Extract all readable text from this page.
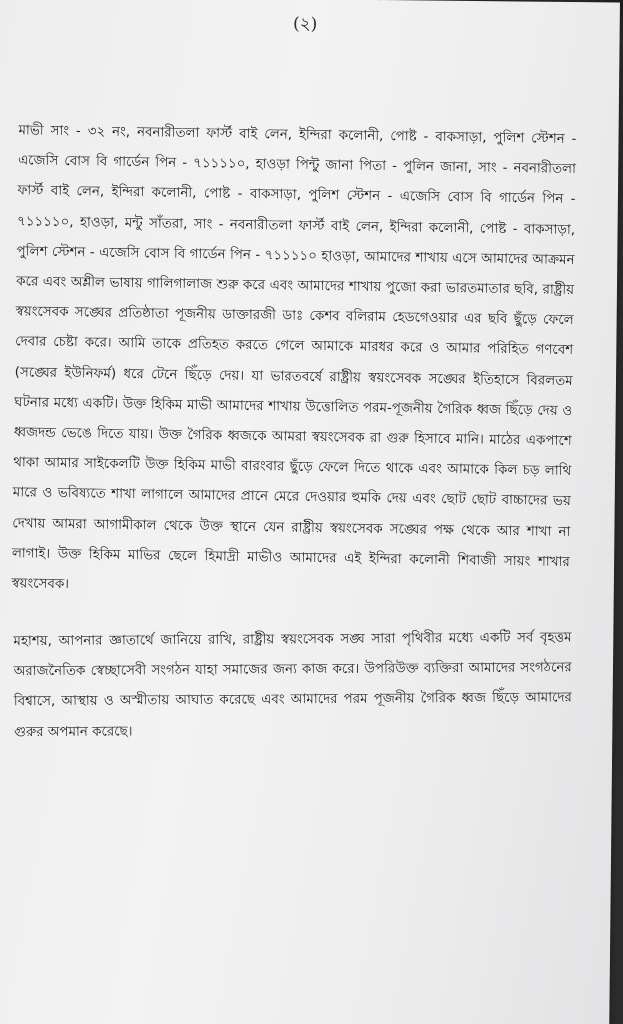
(২)

মাভী সাং - ৩২ নং, নবনারীতলা ফার্স্ট বাই লেন, ইন্দিরা কলোনী, পোষ্ট - বাকসাড়া, পুলিশ স্টেশন - এজেসি বোস বি গার্ডেন পিন - ৭১১১১০, হাওড়া পিন্টু জানা পিতা - পুলিন জানা, সাং - নবনারীতলা ফার্স্ট বাই লেন, ইন্দিরা কলোনী, পোষ্ট - বাকসাড়া, পুলিশ স্টেশন - এজেসি বোস বি গার্ডেন পিন - ৭১১১১০, হাওড়া, মন্টু সাঁতরা, সাং - নবনারীতলা ফার্স্ট বাই লেন, ইন্দিরা কলোনী, পোষ্ট - বাকসাড়া, পুলিশ স্টেশন - এজেসি বোস বি গার্ডেন পিন - ৭১১১১০ হাওড়া, আমাদের শাখায় এসে আমাদের আক্রমন করে এবং অশ্লীল ভাষায় গালিগালাজ শুরু করে এবং আমাদের শাখায় পুজো করা ভারতমাতার ছবি, রাষ্ট্রীয় স্বয়ংসেবক সঙ্ঘের প্রতিষ্ঠাতা পূজনীয় ডাক্তারজী ডাঃ কেশব বলিরাম হেডগেওয়ার এর ছবি ছুঁড়ে ফেলে দেবার চেষ্টা করে। আমি তাকে প্রতিহত করতে গেলে আমাকে মারধর করে ও আমার পরিহিত গণবেশ (সঙ্ঘের ইউনিফর্ম) ধরে টেনে ছিঁড়ে দেয়। যা ভারতবর্ষে রাষ্ট্রীয় স্বয়ংসেবক সঙ্ঘের ইতিহাসে বিরলতম ঘটনার মধ্যে একটি। উক্ত হিকিম মাভী আমাদের শাখায় উত্তোলিত পরম-পূজনীয় গৈরিক ধ্বজ ছিঁড়ে দেয় ও ধ্বজদন্ড ভেঙে দিতে যায়। উক্ত গৈরিক ধ্বজকে আমরা স্বয়ংসেবক রা গুরু হিসাবে মানি। মাঠের একপাশে থাকা আমার সাইকেলটি উক্ত হিকিম মাভী বারংবার ছুঁড়ে ফেলে দিতে থাকে এবং আমাকে কিল চড় লাথি মারে ও ভবিষ্যতে শাখা লাগালে আমাদের প্রানে মেরে দেওয়ার হুমকি দেয় এবং ছোট ছোট বাচ্চাদের ভয় দেখায় আমরা আগামীকাল থেকে উক্ত স্থানে যেন রাষ্ট্রীয় স্বয়ংসেবক সঙ্ঘের পক্ষ থেকে আর শাখা না লাগাই। উক্ত হিকিম মাভির ছেলে হিমাদ্রী মাভীও আমাদের এই ইন্দিরা কলোনী শিবাজী সায়ং শাখার স্বয়ংসেবক।

মহাশয়, আপনার জ্ঞাতার্থে জানিয়ে রাখি, রাষ্ট্রীয় স্বয়ংসেবক সঙ্ঘ সারা পৃথিবীর মধ্যে একটি সর্ব বৃহত্তম অরাজনৈতিক স্বেচ্ছাসেবী সংগঠন যাহা সমাজের জন্য কাজ করে। উপরিউক্ত ব্যক্তিরা আমাদের সংগঠনের বিশ্বাসে, আস্থায় ও অস্মীতায় আঘাত করেছে এবং আমাদের পরম পূজনীয় গৈরিক ধ্বজ ছিঁড়ে আমাদের গুরুর অপমান করেছে।
